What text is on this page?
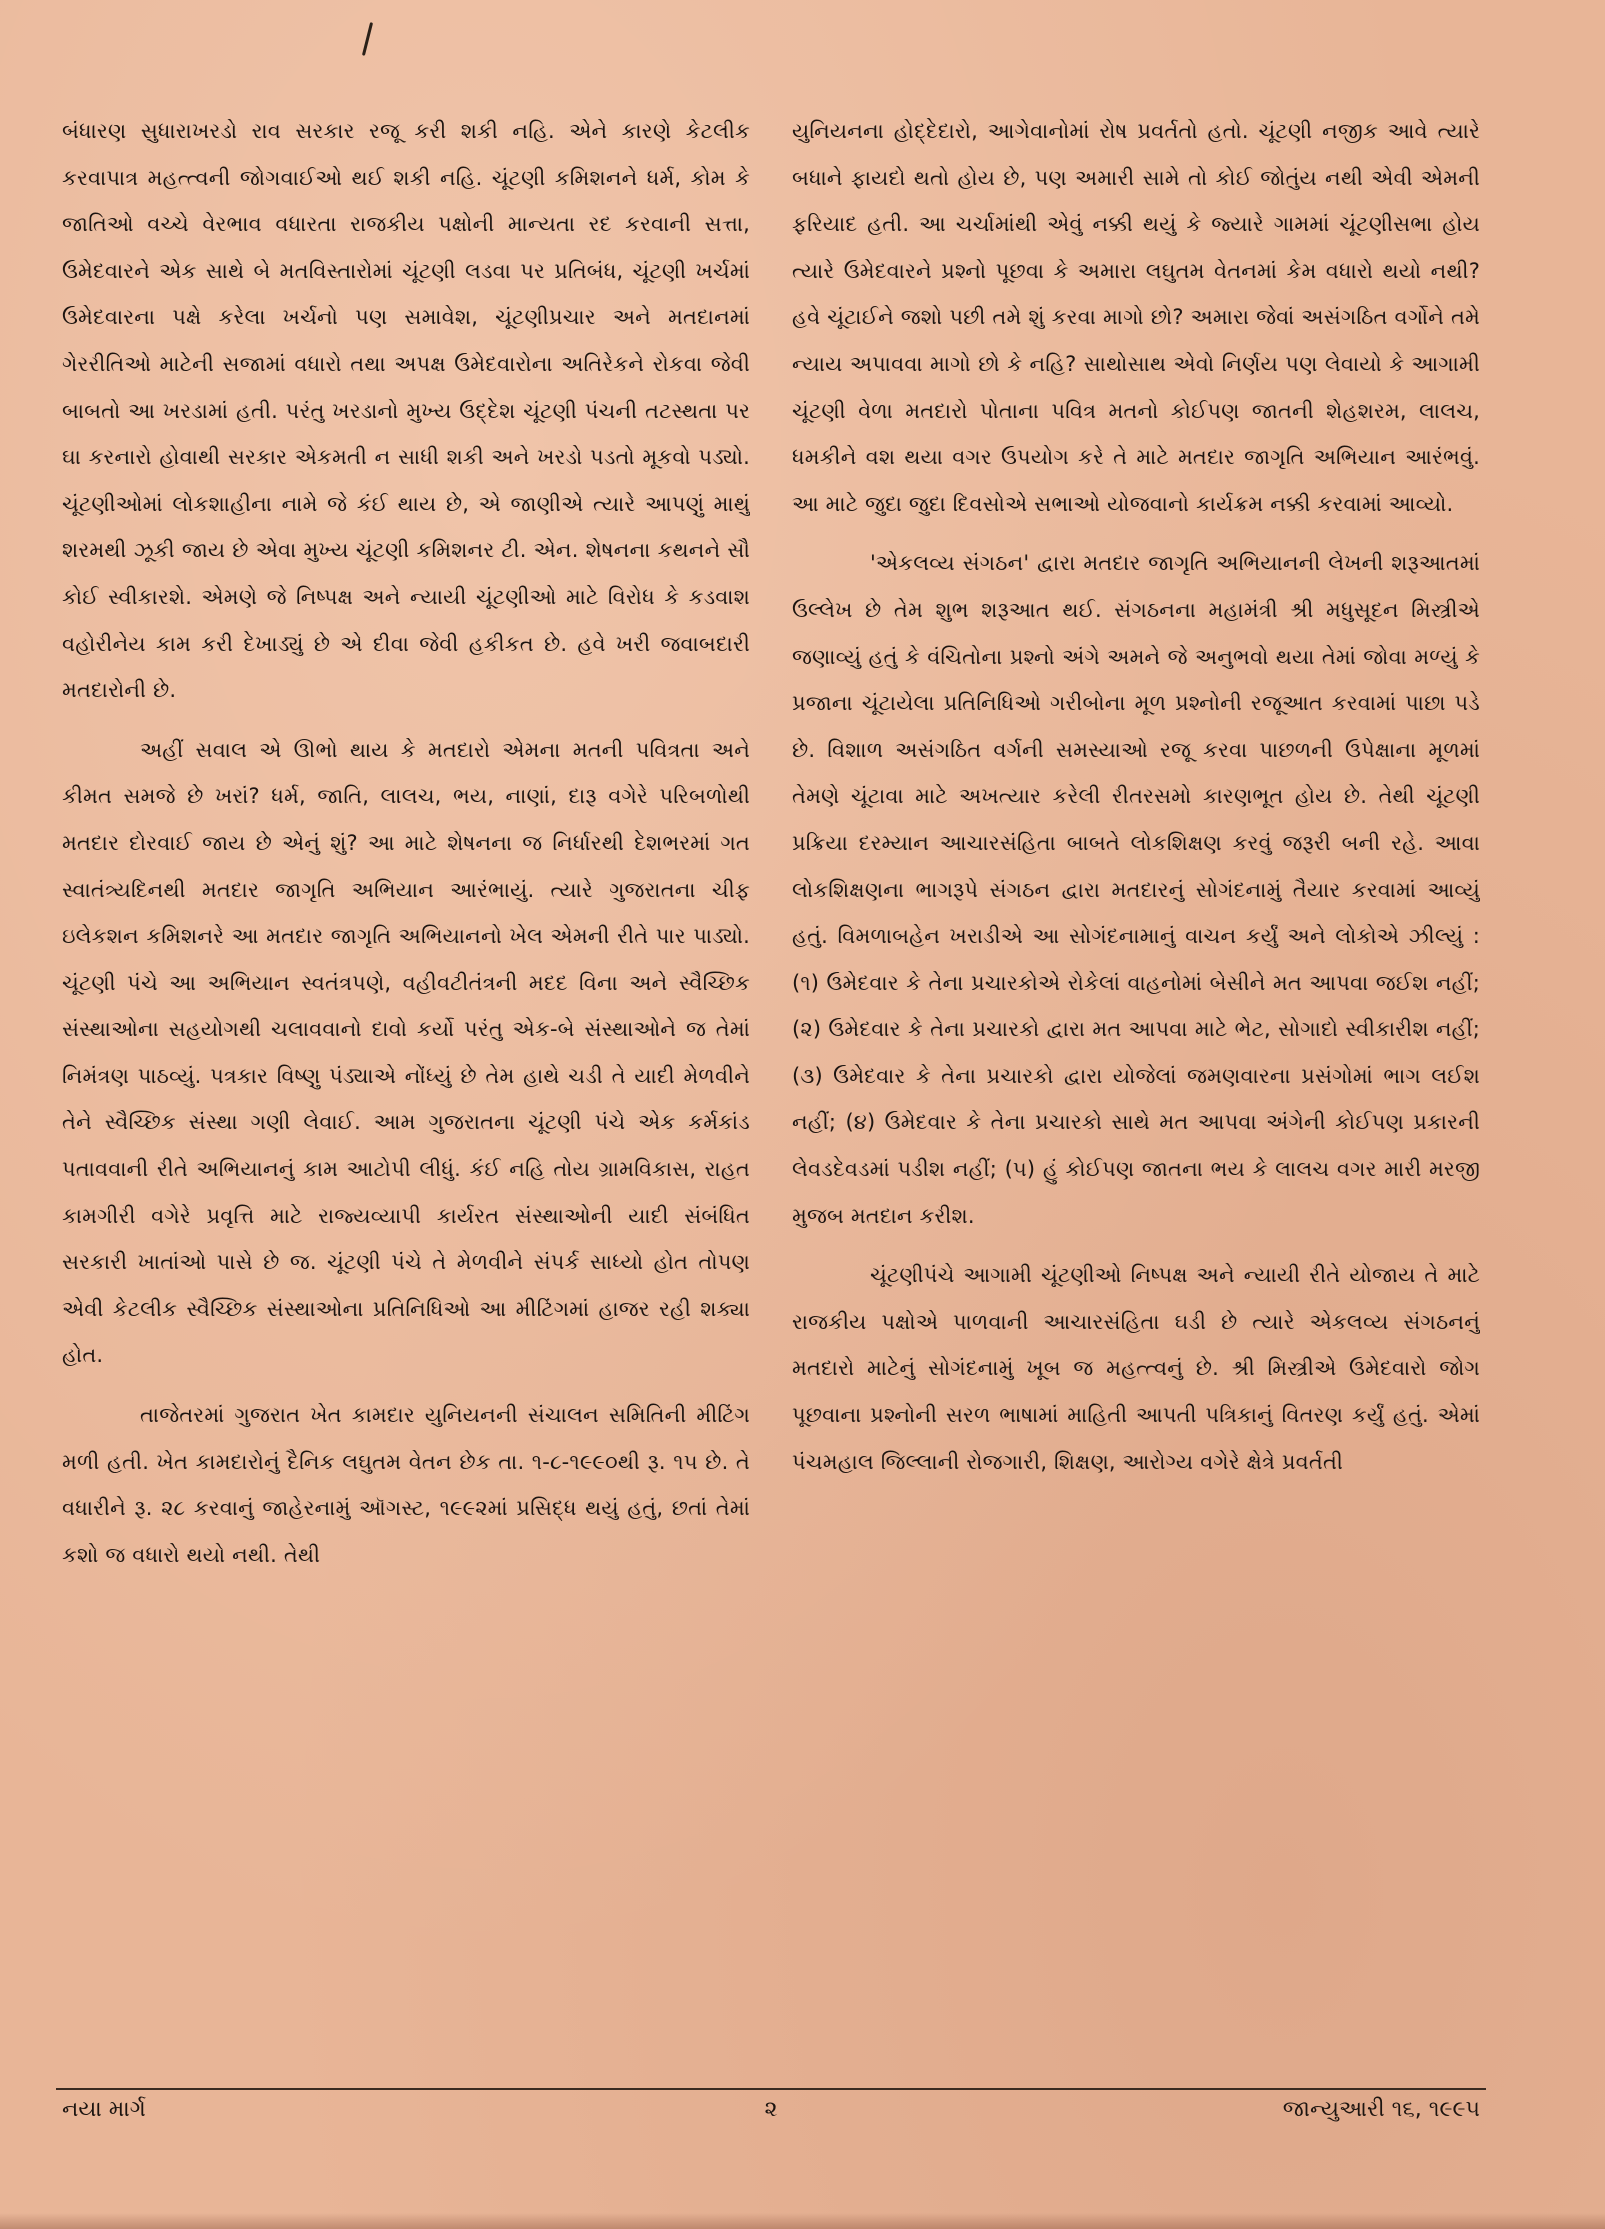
બંધારણ સુધારાખરડો રાવ સરકાર રજૂ કરી શકી નહિ. એને કારણે કેટલીક કરવાપાત્ર મહત્ત્વની જોગવાઈઓ થઈ શકી નહિ. ચૂંટણી કમિશનને ધર્મ, કોમ કે જાતિઓ વચ્ચે વેરભાવ વધારતા રાજકીય પક્ષોની માન્યતા રદ કરવાની સત્તા, ઉમેદવારને એક સાથે બે મતવિસ્તારોમાં ચૂંટણી લડવા પર પ્રતિબંધ, ચૂંટણી ખર્ચમાં ઉમેદવારના પક્ષે કરેલા ખર્ચનો પણ સમાવેશ, ચૂંટણીપ્રચાર અને મતદાનમાં ગેરરીતિઓ માટેની સજામાં વધારો તથા અપક્ષ ઉમેદવારોના અતિરેકને રોકવા જેવી બાબતો આ ખરડામાં હતી. પરંતુ ખરડાનો મુખ્ય ઉદ્દેશ ચૂંટણી પંચની તટસ્થતા પર ઘા કરનારો હોવાથી સરકાર એકમતી ન સાધી શકી અને ખરડો પડતો મૂકવો પડ્યો. ચૂંટણીઓમાં લોકશાહીના નામે જે કંઈ થાય છે, એ જાણીએ ત્યારે આપણું માથું શરમથી ઝૂકી જાય છે એવા મુખ્ય ચૂંટણી કમિશનર ટી. એન. શેષનના કથનને સૌ કોઈ સ્વીકારશે. એમણે જે નિષ્પક્ષ અને ન્યાયી ચૂંટણીઓ માટે વિરોધ કે કડવાશ વહોરીનેય કામ કરી દેખાડ્યું છે એ દીવા જેવી હકીકત છે. હવે ખરી જવાબદારી મતદારોની છે.

અહીં સવાલ એ ઊભો થાય કે મતદારો એમના મતની પવિત્રતા અને કીમત સમજે છે ખરાં? ધર્મ, જાતિ, લાલચ, ભય, નાણાં, દારૂ વગેરે પરિબળોથી મતદાર દોરવાઈ જાય છે એનું શું? આ માટે શેષનના જ નિર્ધારથી દેશભરમાં ગત સ્વાતંત્ર્યદિનથી મતદાર જાગૃતિ અભિયાન આરંભાયું. ત્યારે ગુજરાતના ચીફ ઇલેકશન કમિશનરે આ મતદાર જાગૃતિ અભિયાનનો ખેલ એમની રીતે પાર પાડ્યો. ચૂંટણી પંચે આ અભિયાન સ્વતંત્રપણે, વહીવટીતંત્રની મદદ વિના અને સ્વૈચ્છિક સંસ્થાઓના સહયોગથી ચલાવવાનો દાવો કર્યો પરંતુ એક-બે સંસ્થાઓને જ તેમાં નિમંત્રણ પાઠવ્યું. પત્રકાર વિષ્ણુ પંડ્યાએ નોંધ્યું છે તેમ હાથે ચડી તે યાદી મેળવીને તેને સ્વૈચ્છિક સંસ્થા ગણી લેવાઈ. આમ ગુજરાતના ચૂંટણી પંચે એક કર્મકાંડ પતાવવાની રીતે અભિયાનનું કામ આટોપી લીધું. કંઈ નહિ તોય ગ્રામવિકાસ, રાહત કામગીરી વગેરે પ્રવૃત્તિ માટે રાજ્યવ્યાપી કાર્યરત સંસ્થાઓની યાદી સંબંધિત સરકારી ખાતાંઓ પાસે છે જ. ચૂંટણી પંચે તે મેળવીને સંપર્ક સાધ્યો હોત તોપણ એવી કેટલીક સ્વૈચ્છિક સંસ્થાઓના પ્રતિનિધિઓ આ મીટિંગમાં હાજર રહી શક્યા હોત.

તાજેતરમાં ગુજરાત ખેત કામદાર યુનિયનની સંચાલન સમિતિની મીટિંગ મળી હતી. ખેત કામદારોનું દૈનિક લઘુતમ વેતન છેક તા. ૧-૮-૧૯૯૦થી રૂ. ૧૫ છે. તે વધારીને રૂ. ૨૮ કરવાનું જાહેરનામું ઑગસ્ટ, ૧૯૯૨માં પ્રસિદ્ધ થયું હતું, છતાં તેમાં કશો જ વધારો થયો નથી. તેથી

યુનિયનના હોદ્દેદારો, આગેવાનોમાં રોષ પ્રવર્તતો હતો. ચૂંટણી નજીક આવે ત્યારે બધાને ફાયદો થતો હોય છે, પણ અમારી સામે તો કોઈ જોતુંય નથી એવી એમની ફરિયાદ હતી. આ ચર્ચામાંથી એવું નક્કી થયું કે જ્યારે ગામમાં ચૂંટણીસભા હોય ત્યારે ઉમેદવારને પ્રશ્નો પૂછવા કે અમારા લઘુતમ વેતનમાં કેમ વધારો થયો નથી? હવે ચૂંટાઈને જશો પછી તમે શું કરવા માગો છો? અમારા જેવાં અસંગઠિત વર્ગોને તમે ન્યાય અપાવવા માગો છો કે નહિ? સાથોસાથ એવો નિર્ણય પણ લેવાયો કે આગામી ચૂંટણી વેળા મતદારો પોતાના પવિત્ર મતનો કોઈપણ જાતની શેહશરમ, લાલચ, ધમકીને વશ થયા વગર ઉપયોગ કરે તે માટે મતદાર જાગૃતિ અભિયાન આરંભવું. આ માટે જુદા જુદા દિવસોએ સભાઓ યોજવાનો કાર્યક્રમ નક્કી કરવામાં આવ્યો.

'એકલવ્ય સંગઠન' દ્વારા મતદાર જાગૃતિ અભિયાનની લેખની શરૂઆતમાં ઉલ્લેખ છે તેમ શુભ શરૂઆત થઈ. સંગઠનના મહામંત્રી શ્રી મધુસૂદન મિસ્ત્રીએ જણાવ્યું હતું કે વંચિતોના પ્રશ્નો અંગે અમને જે અનુભવો થયા તેમાં જોવા મળ્યું કે પ્રજાના ચૂંટાયેલા પ્રતિનિધિઓ ગરીબોના મૂળ પ્રશ્નોની રજૂઆત કરવામાં પાછા પડે છે. વિશાળ અસંગઠિત વર્ગની સમસ્યાઓ રજૂ કરવા પાછળની ઉપેક્ષાના મૂળમાં તેમણે ચૂંટાવા માટે અખત્યાર કરેલી રીતરસમો કારણભૂત હોય છે. તેથી ચૂંટણી પ્રક્રિયા દરમ્યાન આચારસંહિતા બાબતે લોકશિક્ષણ કરવું જરૂરી બની રહે. આવા લોકશિક્ષણના ભાગરૂપે સંગઠન દ્વારા મતદારનું સોગંદનામું તૈયાર કરવામાં આવ્યું હતું. વિમળાબહેન ખરાડીએ આ સોગંદનામાનું વાચન કર્યું અને લોકોએ ઝીલ્યું : (૧) ઉમેદવાર કે તેના પ્રચારકોએ રોકેલાં વાહનોમાં બેસીને મત આપવા જઈશ નહીં; (૨) ઉમેદવાર કે તેના પ્રચારકો દ્વારા મત આપવા માટે ભેટ, સોગાદો સ્વીકારીશ નહીં; (૩) ઉમેદવાર કે તેના પ્રચારકો દ્વારા યોજેલાં જમણવારના પ્રસંગોમાં ભાગ લઈશ નહીં; (૪) ઉમેદવાર કે તેના પ્રચારકો સાથે મત આપવા અંગેની કોઈપણ પ્રકારની લેવડદેવડમાં પડીશ નહીં; (૫) હું કોઈપણ જાતના ભય કે લાલચ વગર મારી મરજી મુજબ મતદાન કરીશ.

ચૂંટણીપંચે આગામી ચૂંટણીઓ નિષ્પક્ષ અને ન્યાયી રીતે યોજાય તે માટે રાજકીય પક્ષોએ પાળવાની આચારસંહિતા ઘડી છે ત્યારે એકલવ્ય સંગઠનનું મતદારો માટેનું સોગંદનામું ખૂબ જ મહત્ત્વનું છે. શ્રી મિસ્ત્રીએ ઉમેદવારો જોગ પૂછવાના પ્રશ્નોની સરળ ભાષામાં માહિતી આપતી પત્રિકાનું વિતરણ કર્યું હતું. એમાં પંચમહાલ જિલ્લાની રોજગારી, શિક્ષણ, આરોગ્ય વગેરે ક્ષેત્રે પ્રવર્તતી

નયા માર્ગ	૨	જાન્યુઆરી ૧૬, ૧૯૯૫
